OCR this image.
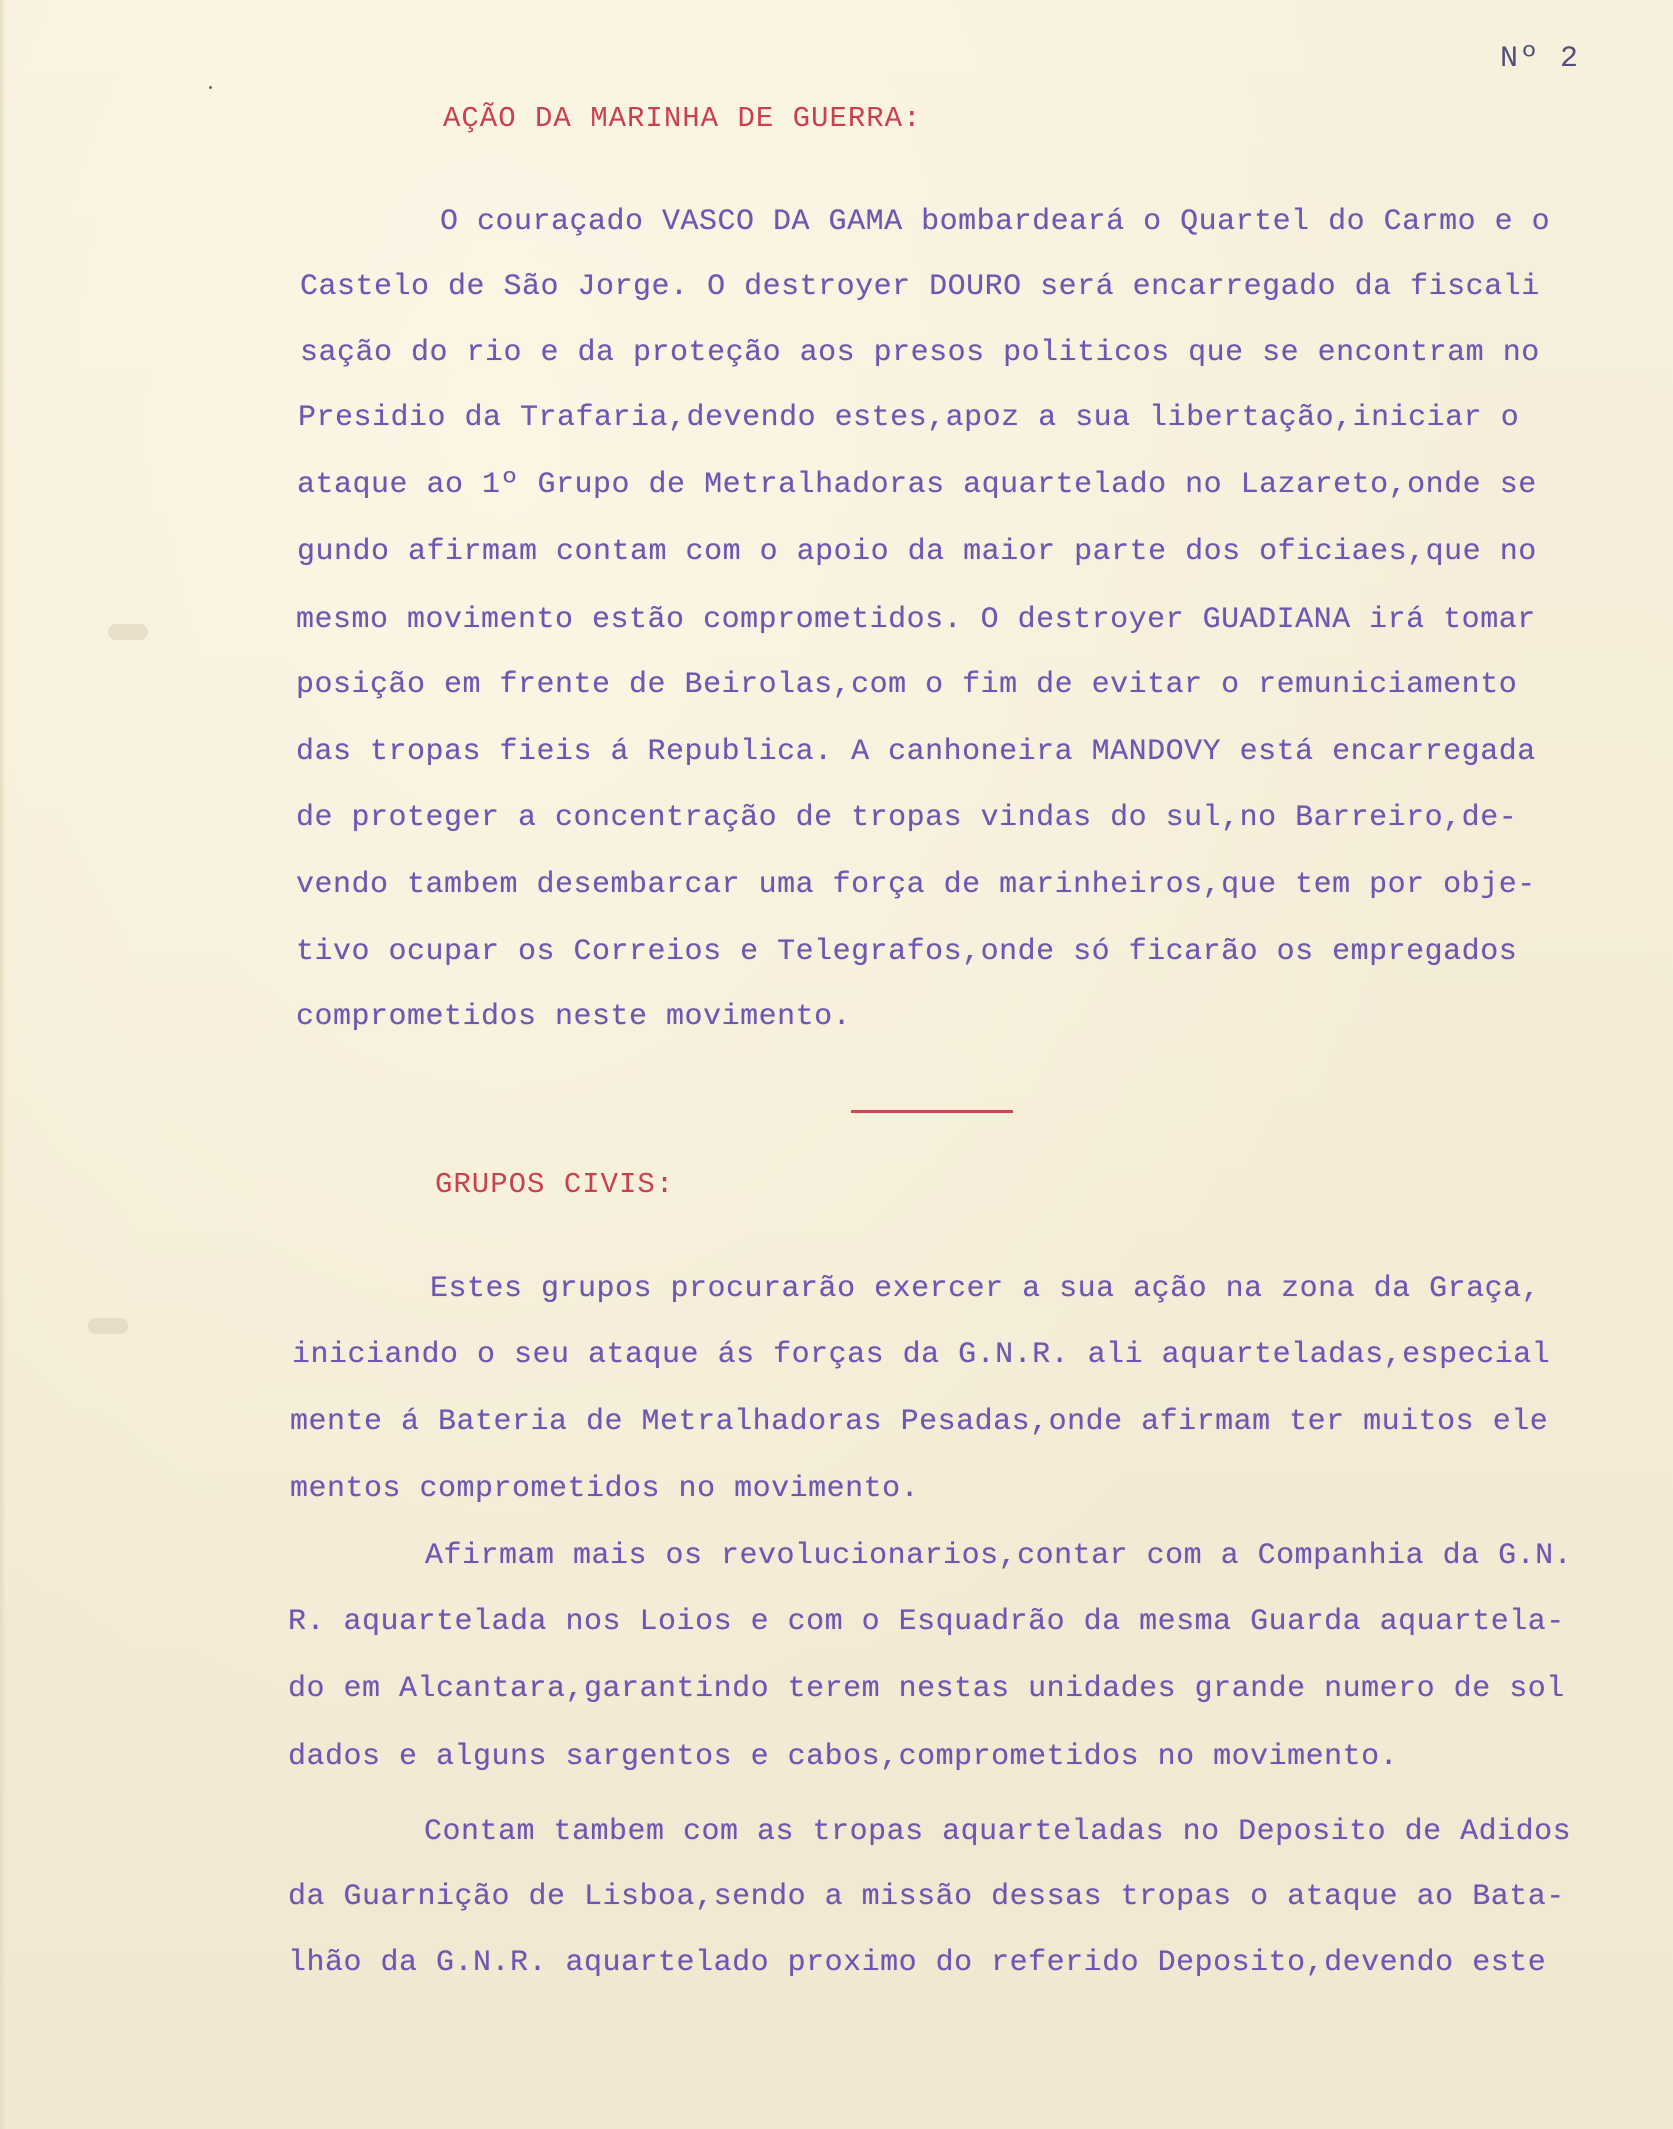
Nº 2
AÇÃO DA MARINHA DE GUERRA:
O couraçado VASCO DA GAMA bombardeará o Quartel do Carmo e o
Castelo de São Jorge. O destroyer DOURO será encarregado da fiscali
sação do rio e da proteção aos presos politicos que se encontram no
Presidio da Trafaria,devendo estes,apoz a sua libertação,iniciar o
ataque ao 1º Grupo de Metralhadoras aquartelado no Lazareto,onde se
gundo afirmam contam com o apoio da maior parte dos oficiaes,que no
mesmo movimento estão comprometidos. O destroyer GUADIANA irá tomar
posição em frente de Beirolas,com o fim de evitar o remuniciamento
das tropas fieis á Republica. A canhoneira MANDOVY está encarregada
de proteger a concentração de tropas vindas do sul,no Barreiro,de-
vendo tambem desembarcar uma força de marinheiros,que tem por obje-
tivo ocupar os Correios e Telegrafos,onde só ficarão os empregados
comprometidos neste movimento.
GRUPOS CIVIS:
Estes grupos procurarão exercer a sua ação na zona da Graça,
iniciando o seu ataque ás forças da G.N.R. ali aquarteladas,especial
mente á Bateria de Metralhadoras Pesadas,onde afirmam ter muitos ele
mentos comprometidos no movimento.
Afirmam mais os revolucionarios,contar com a Companhia da G.N.
R. aquartelada nos Loios e com o Esquadrão da mesma Guarda aquartela-
do em Alcantara,garantindo terem nestas unidades grande numero de sol
dados e alguns sargentos e cabos,comprometidos no movimento.
Contam tambem com as tropas aquarteladas no Deposito de Adidos
da Guarnição de Lisboa,sendo a missão dessas tropas o ataque ao Bata-
lhão da G.N.R. aquartelado proximo do referido Deposito,devendo este
